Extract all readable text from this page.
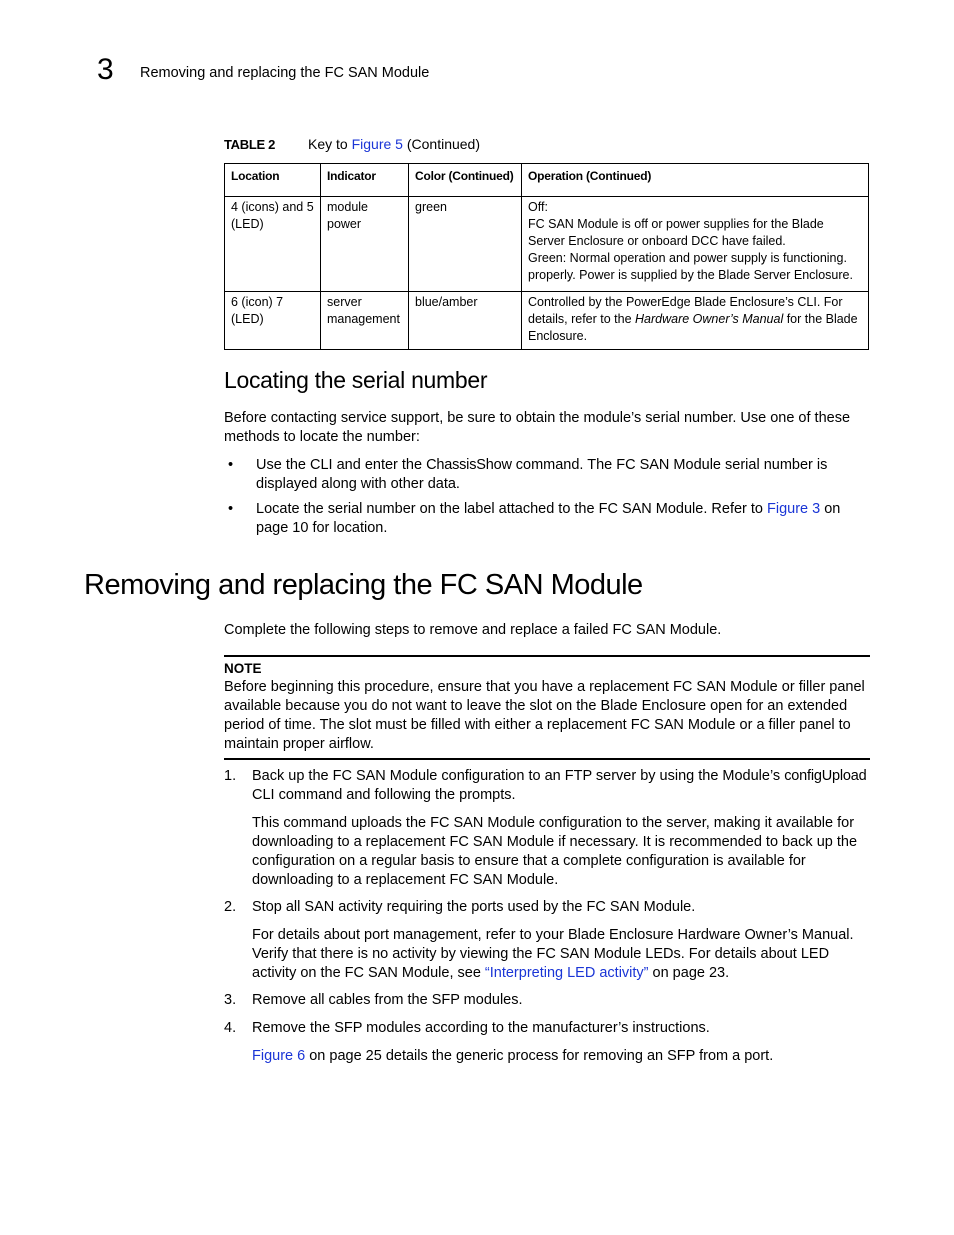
3 Removing and replacing the FC SAN Module
TABLE 2 Key to Figure 5 (Continued)
Location	Indicator	Color (Continued)	Operation (Continued)
4 (icons) and 5 (LED)	module power	green	Off:
FC SAN Module is off or power supplies for the Blade Server Enclosure or onboard DCC have failed.
Green: Normal operation and power supply is functioning. properly. Power is supplied by the Blade Server Enclosure.

6 (icon) 7 (LED)	server management	blue/amber	Controlled by the PowerEdge Blade Enclosure’s CLI. For details, refer to the Hardware Owner’s Manual for the Blade Enclosure.
Locating the serial number
Before contacting service support, be sure to obtain the module’s serial number. Use one of these methods to locate the number:
• Use the CLI and enter the ChassisShow command. The FC SAN Module serial number is displayed along with other data.
• Locate the serial number on the label attached to the FC SAN Module. Refer to Figure 3 on page 10 for location.
Removing and replacing the FC SAN Module
Complete the following steps to remove and replace a failed FC SAN Module.
NOTE
Before beginning this procedure, ensure that you have a replacement FC SAN Module or filler panel available because you do not want to leave the slot on the Blade Enclosure open for an extended period of time. The slot must be filled with either a replacement FC SAN Module or a filler panel to maintain proper airflow.
1. Back up the FC SAN Module configuration to an FTP server by using the Module’s configUpload CLI command and following the prompts.
This command uploads the FC SAN Module configuration to the server, making it available for downloading to a replacement FC SAN Module if necessary. It is recommended to back up the configuration on a regular basis to ensure that a complete configuration is available for downloading to a replacement FC SAN Module.
2. Stop all SAN activity requiring the ports used by the FC SAN Module.
For details about port management, refer to your Blade Enclosure Hardware Owner’s Manual. Verify that there is no activity by viewing the FC SAN Module LEDs. For details about LED activity on the FC SAN Module, see “Interpreting LED activity” on page 23.
3. Remove all cables from the SFP modules.
4. Remove the SFP modules according to the manufacturer’s instructions.
Figure 6 on page 25 details the generic process for removing an SFP from a port.
